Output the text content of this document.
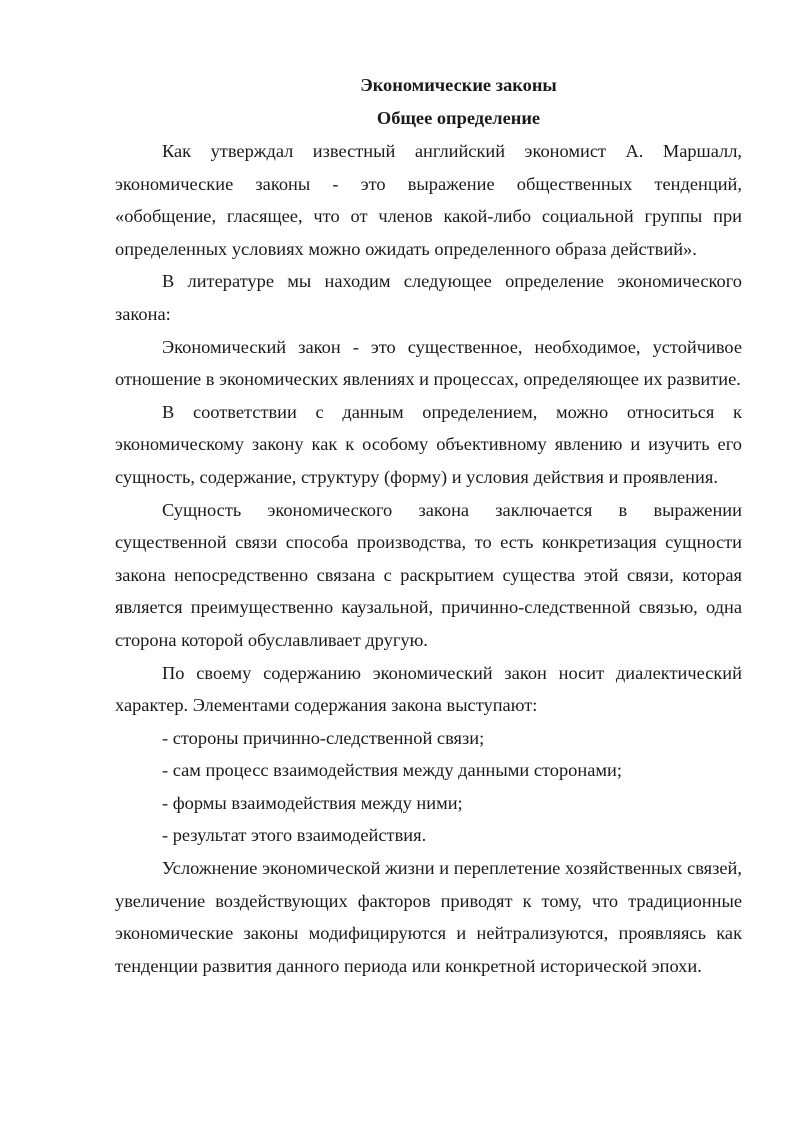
Экономические законы
Общее определение

Как утверждал известный английский экономист А. Маршалл, экономические законы - это выражение общественных тенденций, «обобщение, гласящее, что от членов какой-либо социальной группы при определенных условиях можно ожидать определенного образа действий».

В литературе мы находим следующее определение экономического закона:

Экономический закон - это существенное, необходимое, устойчивое отношение в экономических явлениях и процессах, определяющее их развитие.

В соответствии с данным определением, можно относиться к экономическому закону как к особому объективному явлению и изучить его сущность, содержание, структуру (форму) и условия действия и проявления.

Сущность экономического закона заключается в выражении существенной связи способа производства, то есть конкретизация сущности закона непосредственно связана с раскрытием существа этой связи, которая является преимущественно каузальной, причинно-следственной связью, одна сторона которой обуславливает другую.

По своему содержанию экономический закон носит диалектический характер. Элементами содержания закона выступают:

- стороны причинно-следственной связи;

- сам процесс взаимодействия между данными сторонами;

- формы взаимодействия между ними;

- результат этого взаимодействия.

Усложнение экономической жизни и переплетение хозяйственных связей, увеличение воздействующих факторов приводят к тому, что традиционные экономические законы модифицируются и нейтрализуются, проявляясь как тенденции развития данного периода или конкретной исторической эпохи.
